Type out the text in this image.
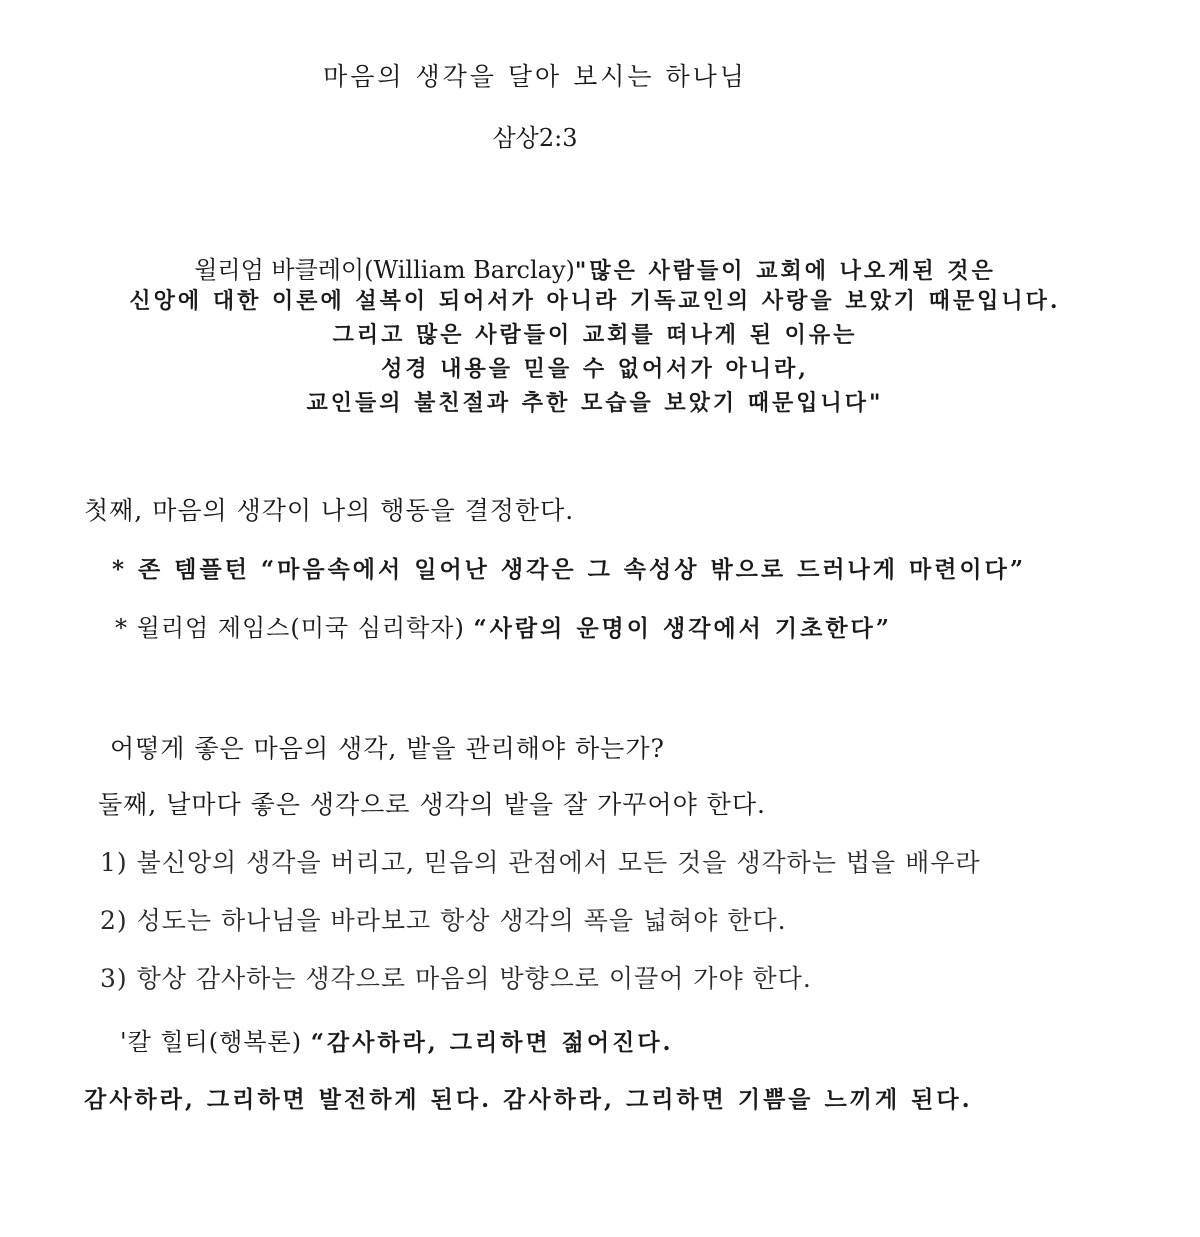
마음의 생각을 달아 보시는 하나님
삼상2:3
윌리엄 바클레이(William Barclay)"많은 사람들이 교회에 나오게된 것은
신앙에 대한 이론에 설복이 되어서가 아니라 기독교인의 사랑을 보았기 때문입니다.
그리고 많은 사람들이 교회를 떠나게 된 이유는
성경 내용을 믿을 수 없어서가 아니라,
교인들의 불친절과 추한 모습을 보았기 때문입니다"
첫째, 마음의 생각이 나의 행동을 결정한다.
* 존 템플턴 “마음속에서 일어난 생각은 그 속성상 밖으로 드러나게 마련이다”
* 윌리엄 제임스(미국 심리학자) “사람의 운명이 생각에서 기초한다”
어떻게 좋은 마음의 생각, 밭을 관리해야 하는가?
둘째, 날마다 좋은 생각으로 생각의 밭을 잘 가꾸어야 한다.
1) 불신앙의 생각을 버리고, 믿음의 관점에서 모든 것을 생각하는 법을 배우라
2) 성도는 하나님을 바라보고 항상 생각의 폭을 넓혀야 한다.
3) 항상 감사하는 생각으로 마음의 방향으로 이끌어 가야 한다.
'칼 힐티(행복론) “감사하라, 그리하면 젊어진다.
감사하라, 그리하면 발전하게 된다. 감사하라, 그리하면 기쁨을 느끼게 된다.
